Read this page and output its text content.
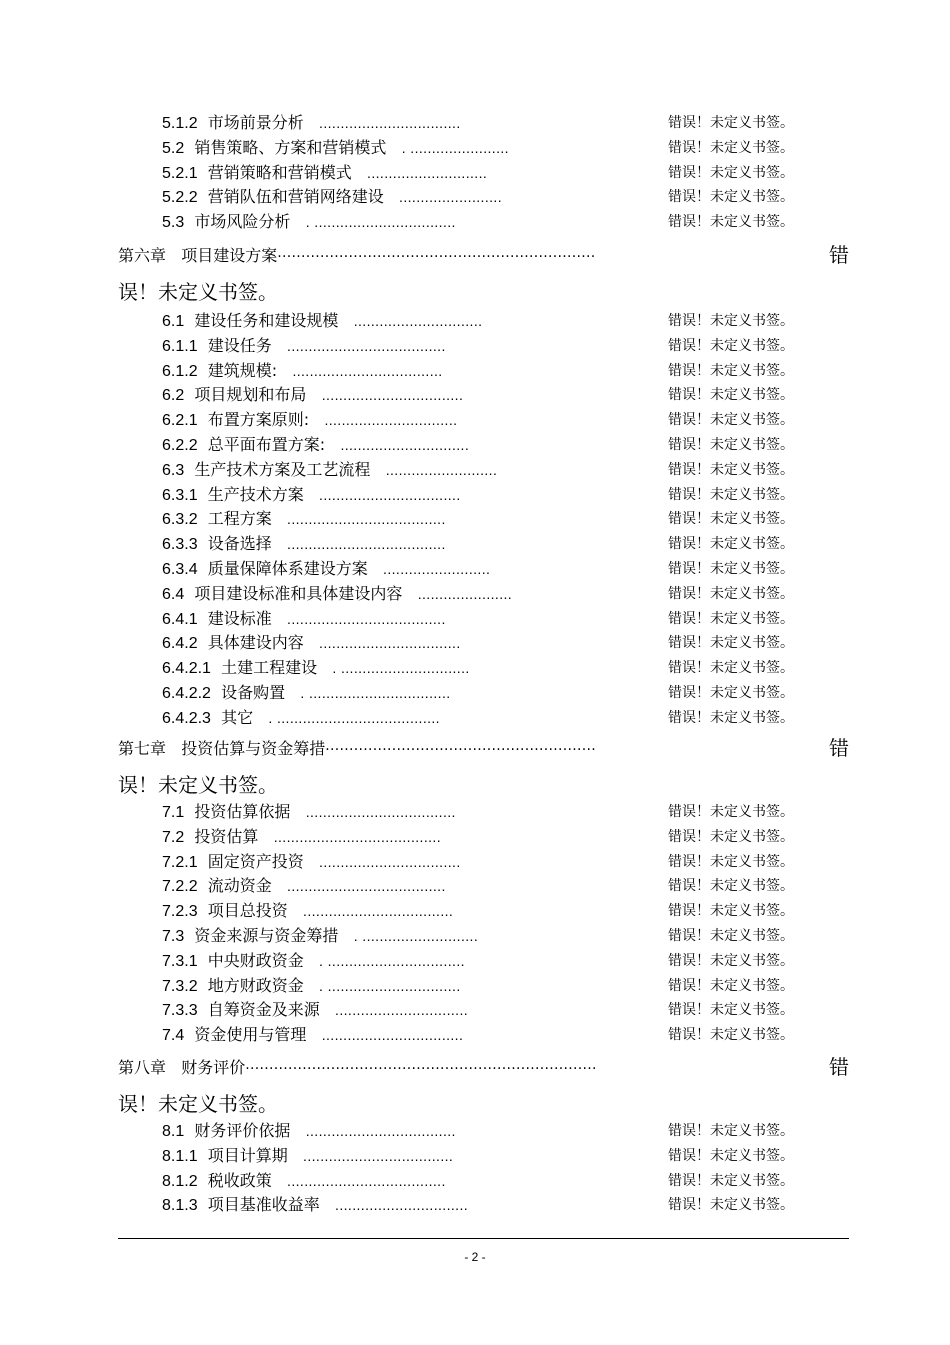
- 2 -
5.1.2 市场前景分析 .................................	错误！未定义书签。
5.2 销售策略、方案和营销模式 . .......................	错误！未定义书签。
5.2.1 营销策略和营销模式 ............................	错误！未定义书签。
5.2.2 营销队伍和营销网络建设 ........................	错误！未定义书签。
5.3 市场风险分析 . .................................	错误！未定义书签。
第六章   项目建设方案···································································	错
误！未定义书签。
6.1 建设任务和建设规模 ..............................	错误！未定义书签。
6.1.1 建设任务 .....................................	错误！未定义书签。
6.1.2 建筑规模: ...................................	错误！未定义书签。
6.2 项目规划和布局 .................................	错误！未定义书签。
6.2.1 布置方案原则: ...............................	错误！未定义书签。
6.2.2 总平面布置方案: ..............................	错误！未定义书签。
6.3 生产技术方案及工艺流程 ..........................	错误！未定义书签。
6.3.1 生产技术方案 .................................	错误！未定义书签。
6.3.2 工程方案 .....................................	错误！未定义书签。
6.3.3 设备选择 .....................................	错误！未定义书签。
6.3.4 质量保障体系建设方案 .........................	错误！未定义书签。
6.4 项目建设标准和具体建设内容 ......................	错误！未定义书签。
6.4.1 建设标准 .....................................	错误！未定义书签。
6.4.2 具体建设内容 .................................	错误！未定义书签。
6.4.2.1 土建工程建设 . ..............................	错误！未定义书签。
6.4.2.2 设备购置 . .................................	错误！未定义书签。
6.4.2.3 其它 . ......................................	错误！未定义书签。
第七章   投资估算与资金筹措·························································	错
误！未定义书签。
7.1 投资估算依据 ...................................	错误！未定义书签。
7.2 投资估算 .......................................	错误！未定义书签。
7.2.1 固定资产投资 .................................	错误！未定义书签。
7.2.2 流动资金 .....................................	错误！未定义书签。
7.2.3 项目总投资 ...................................	错误！未定义书签。
7.3 资金来源与资金筹措 . ...........................	错误！未定义书签。
7.3.1 中央财政资金 . ................................	错误！未定义书签。
7.3.2 地方财政资金 . ...............................	错误！未定义书签。
7.3.3 自筹资金及来源 ...............................	错误！未定义书签。
7.4 资金使用与管理 .................................	错误！未定义书签。
第八章   财务评价··········································································	错
误！未定义书签。
8.1 财务评价依据 ...................................	错误！未定义书签。
8.1.1 项目计算期 ...................................	错误！未定义书签。
8.1.2 税收政策 .....................................	错误！未定义书签。
8.1.3 项目基准收益率 ...............................	错误！未定义书签。
